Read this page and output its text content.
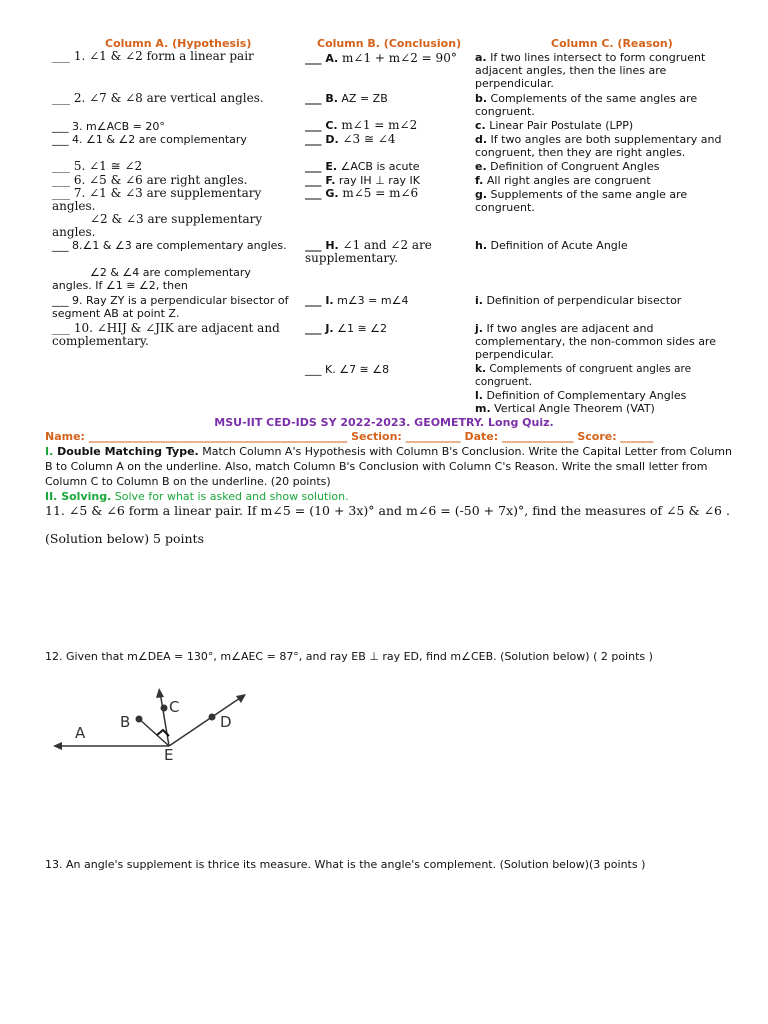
Column A. (Hypothesis)	Column B. (Conclusion)	Column C. (Reason)
___ 1. ∠1 & ∠2 form a linear pair
___ 2. ∠7 & ∠8 are vertical angles.
___ 3. m∠ACB = 20°
___ 4. ∠1 & ∠2 are complementary
___ 5. ∠1 ≅ ∠2
___ 6. ∠5 & ∠6 are right angles.
___ 7. ∠1 & ∠3 are supplementary angles.
∠2 & ∠3 are supplementary angles.
___ 8.∠1 & ∠3 are complementary angles.
∠2 & ∠4 are complementary angles. If ∠1 ≅ ∠2, then
___ 9. Ray ZY is a perpendicular bisector of segment AB at point Z.
___ 10. ∠HIJ & ∠JIK are adjacent and complementary.
___ A. m∠1 + m∠2 = 90°
___ B. AZ = ZB
___ C. m∠1 = m∠2
___ D. ∠3 ≅ ∠4
___ E. ∠ACB is acute
___ F. ray IH ⊥ ray IK
___ G. m∠5 = m∠6
___ H. ∠1 and ∠2 are supplementary.
___ I. m∠3 = m∠4
___ J. ∠1 ≅ ∠2
___ K. ∠7 ≅ ∠8
a. If two lines intersect to form congruent adjacent angles, then the lines are perpendicular.
b. Complements of the same angles are congruent.
c. Linear Pair Postulate (LPP)
d. If two angles are both supplementary and congruent, then they are right angles.
e. Definition of Congruent Angles
f. All right angles are congruent
g. Supplements of the same angle are congruent.
h. Definition of Acute Angle
i. Definition of perpendicular bisector
j. If two angles are adjacent and complementary, the non-common sides are perpendicular.
k. Complements of congruent angles are congruent.
l. Definition of Complementary Angles
m. Vertical Angle Theorem (VAT)
MSU-IIT CED-IDS SY 2022-2023. GEOMETRY. Long Quiz.
Name: _______________________________________________ Section: __________ Date: _____________ Score: ______
I. Double Matching Type. Match Column A's Hypothesis with Column B's Conclusion. Write the Capital Letter from Column B to Column A on the underline. Also, match Column B's Conclusion with Column C's Reason. Write the small letter from Column C to Column B on the underline. (20 points)
II. Solving. Solve for what is asked and show solution.
11. ∠5 & ∠6 form a linear pair. If m∠5 = (10 + 3x)° and m∠6 = (-50 + 7x)°, find the measures of ∠5 & ∠6 .
(Solution below) 5 points
12. Given that m∠DEA = 130°, m∠AEC = 87°, and ray EB ⊥ ray ED, find m∠CEB. (Solution below) ( 2 points )
A
B
C
D
E
13. An angle's supplement is thrice its measure. What is the angle's complement. (Solution below)(3 points )
